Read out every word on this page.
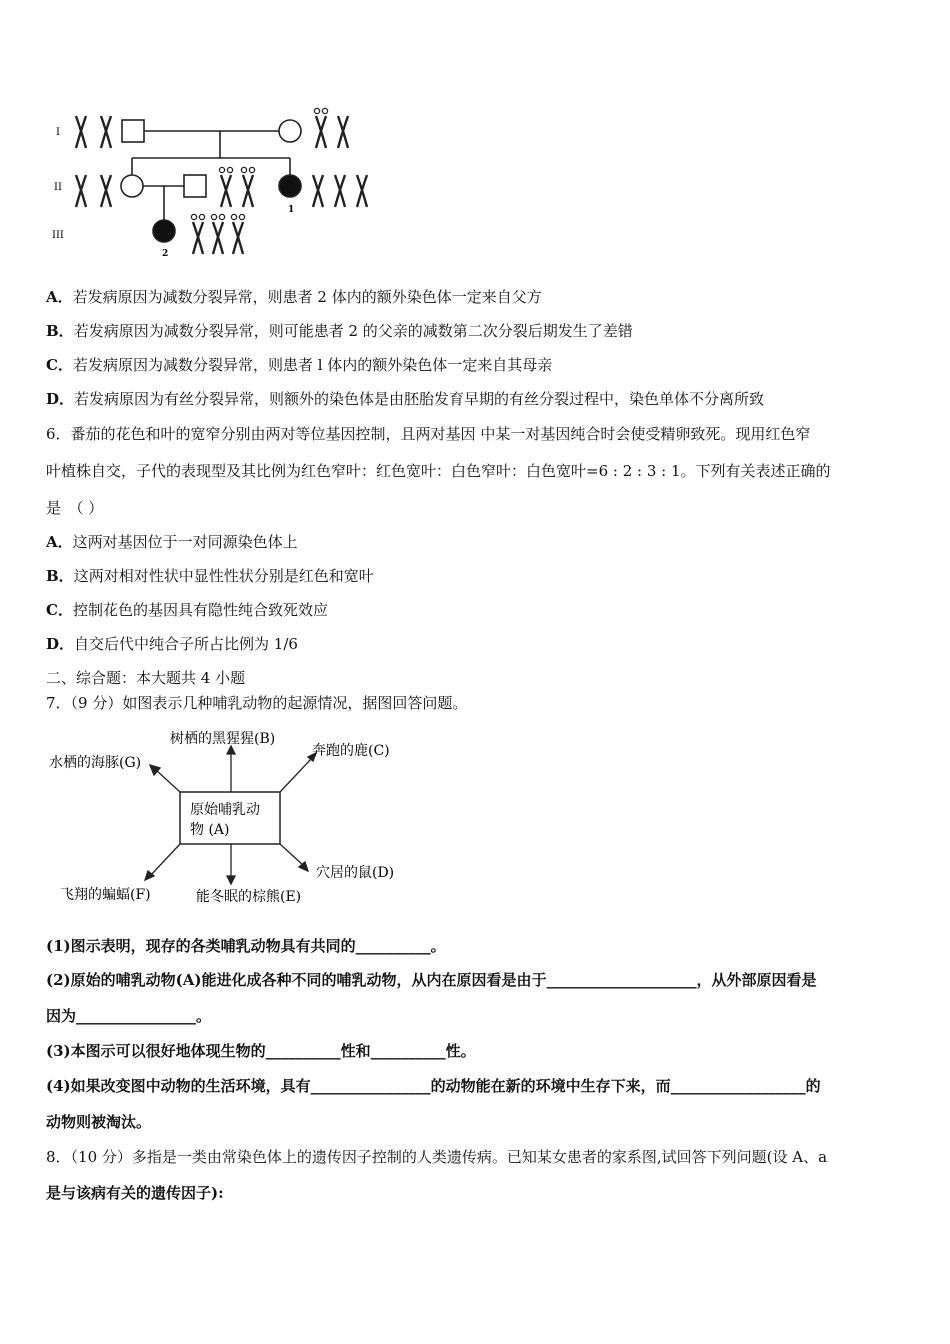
I
II
III
1
2
A．若发病原因为减数分裂异常，则患者 2 体内的额外染色体一定来自父方
B．若发病原因为减数分裂异常，则可能患者 2 的父亲的减数第二次分裂后期发生了差错
C．若发病原因为减数分裂异常，则患者 l 体内的额外染色体一定来自其母亲
D．若发病原因为有丝分裂异常，则额外的染色体是由胚胎发育早期的有丝分裂过程中，染色单体不分离所致
6．番茄的花色和叶的宽窄分别由两对等位基因控制，且两对基因 中某一对基因纯合时会使受精卵致死。现用红色窄
叶植株自交，子代的表现型及其比例为红色窄叶：红色宽叶：白色窄叶：白色宽叶=6 : 2 : 3 : 1。下列有关表述正确的
是　（ ）
A．这两对基因位于一对同源染色体上
B．这两对相对性状中显性性状分别是红色和宽叶
C．控制花色的基因具有隐性纯合致死效应
D．自交后代中纯合子所占比例为 1/6
二、综合题：本大题共 4 小题
7．（9 分）如图表示几种哺乳动物的起源情况，据图回答问题。
原始哺乳动
物 (A)
树栖的黑猩猩(B)
奔跑的鹿(C)
水栖的海豚(G)
穴居的鼠(D)
能冬眠的棕熊(E)
飞翔的蝙蝠(F)
(1)图示表明，现存的各类哺乳动物具有共同的__________。
(2)原始的哺乳动物(A)能进化成各种不同的哺乳动物，从内在原因看是由于____________________，从外部原因看是
因为________________。
(3)本图示可以很好地体现生物的__________性和__________性。
(4)如果改变图中动物的生活环境，具有________________的动物能在新的环境中生存下来，而__________________的
动物则被淘汰。
8．（10 分）多指是一类由常染色体上的遗传因子控制的人类遗传病。已知某女患者的家系图,试回答下列问题(设 A、a
是与该病有关的遗传因子):
